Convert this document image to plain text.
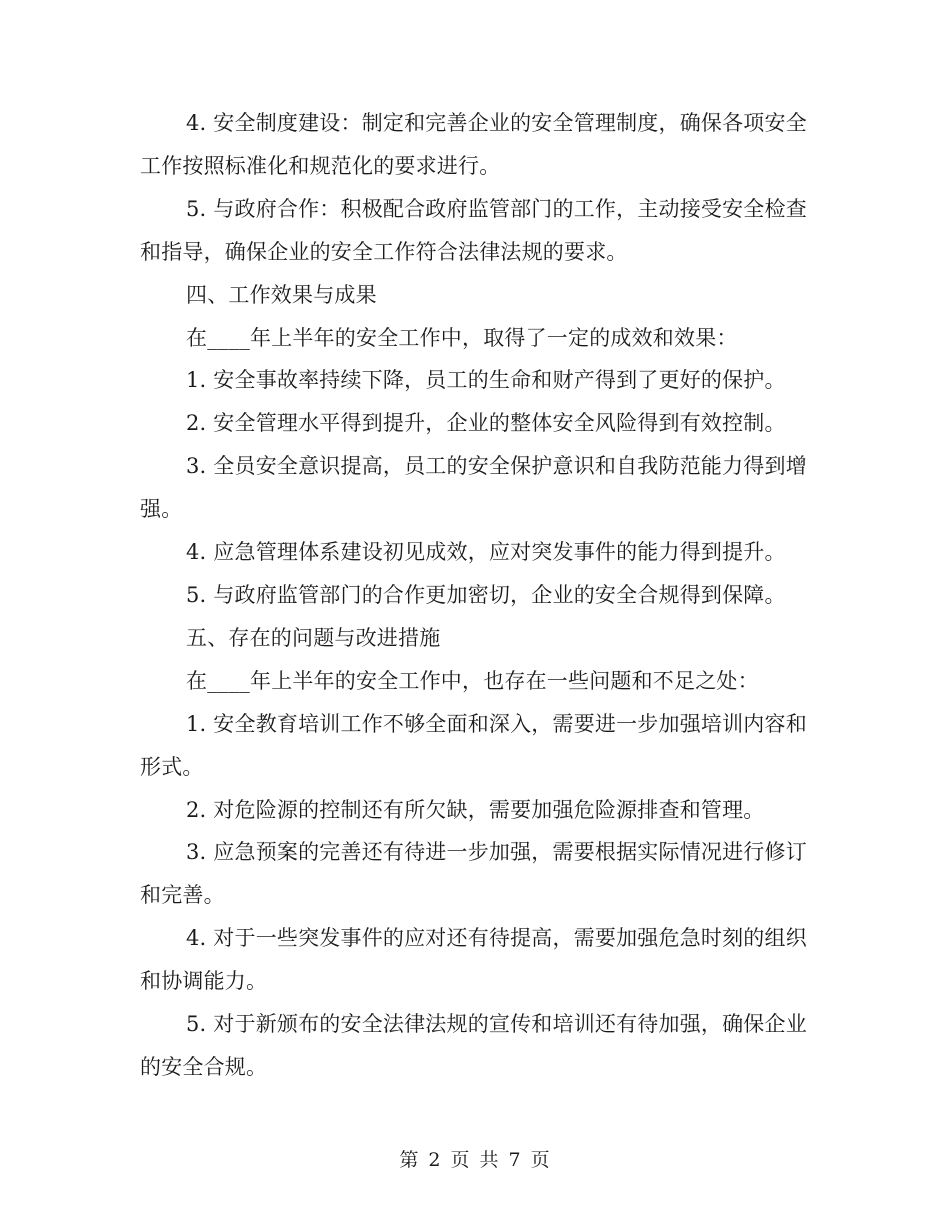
4. 安全制度建设：制定和完善企业的安全管理制度，确保各项安全工作按照标准化和规范化的要求进行。

5. 与政府合作：积极配合政府监管部门的工作，主动接受安全检查和指导，确保企业的安全工作符合法律法规的要求。

四、工作效果与成果

在____年上半年的安全工作中，取得了一定的成效和效果：

1. 安全事故率持续下降，员工的生命和财产得到了更好的保护。

2. 安全管理水平得到提升，企业的整体安全风险得到有效控制。

3. 全员安全意识提高，员工的安全保护意识和自我防范能力得到增强。

4. 应急管理体系建设初见成效，应对突发事件的能力得到提升。

5. 与政府监管部门的合作更加密切，企业的安全合规得到保障。

五、存在的问题与改进措施

在____年上半年的安全工作中，也存在一些问题和不足之处：

1. 安全教育培训工作不够全面和深入，需要进一步加强培训内容和形式。

2. 对危险源的控制还有所欠缺，需要加强危险源排查和管理。

3. 应急预案的完善还有待进一步加强，需要根据实际情况进行修订和完善。

4. 对于一些突发事件的应对还有待提高，需要加强危急时刻的组织和协调能力。

5. 对于新颁布的安全法律法规的宣传和培训还有待加强，确保企业的安全合规。

第 2 页 共 7 页
